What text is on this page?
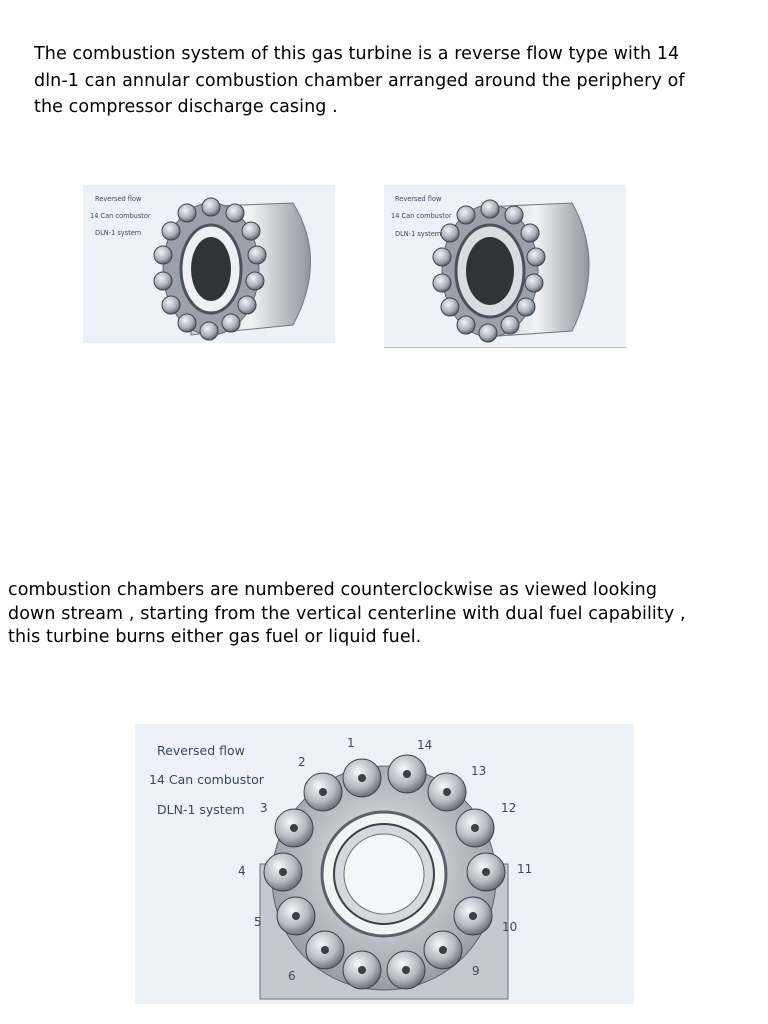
The combustion system of this gas turbine is a reverse flow type with 14
dln-1 can annular combustion chamber arranged around the periphery of
the compressor discharge casing .

Reversed flow
14 Can combustor
DLN-1 system
Reversed flow
14 Can combustor
DLN-1 system

combustion chambers are numbered counterclockwise as viewed looking
down stream , starting from the vertical centerline with dual fuel capability ,
this turbine burns either gas fuel or liquid fuel.

Reversed flow
14 Can combustor
DLN-1 system
1
2
3
4
5
6	9
10
11
12
13
14
